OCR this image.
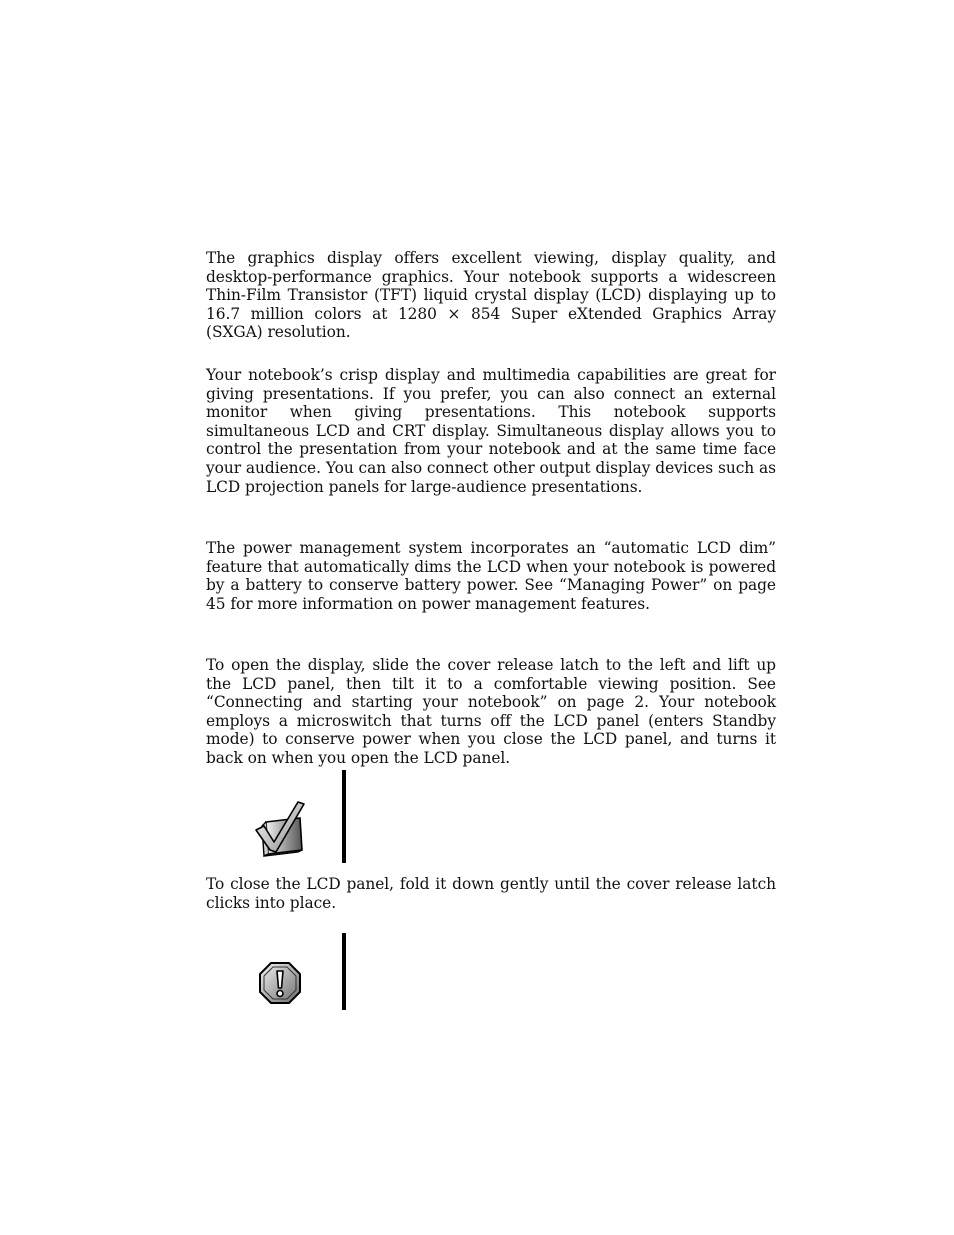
The graphics display offers excellent viewing, display quality, and desktop-performance graphics. Your notebook supports a widescreen Thin-Film Transistor (TFT) liquid crystal display (LCD) displaying up to 16.7 million colors at 1280 × 854 Super eXtended Graphics Array (SXGA) resolution.

Your notebook’s crisp display and multimedia capabilities are great for giving presentations. If you prefer, you can also connect an external monitor when giving presentations. This notebook supports simultaneous LCD and CRT display. Simultaneous display allows you to control the presentation from your notebook and at the same time face your audience. You can also connect other output display devices such as LCD projection panels for large-audience presentations.

The power management system incorporates an “automatic LCD dim” feature that automatically dims the LCD when your notebook is powered by a battery to conserve battery power. See “Managing Power” on page 45 for more information on power management features.

To open the display, slide the cover release latch to the left and lift up the LCD panel, then tilt it to a comfortable viewing position. See “Connecting and starting your notebook” on page 2. Your notebook employs a microswitch that turns off the LCD panel (enters Standby mode) to conserve power when you close the LCD panel, and turns it back on when you open the LCD panel.

To close the LCD panel, fold it down gently until the cover release latch clicks into place.
